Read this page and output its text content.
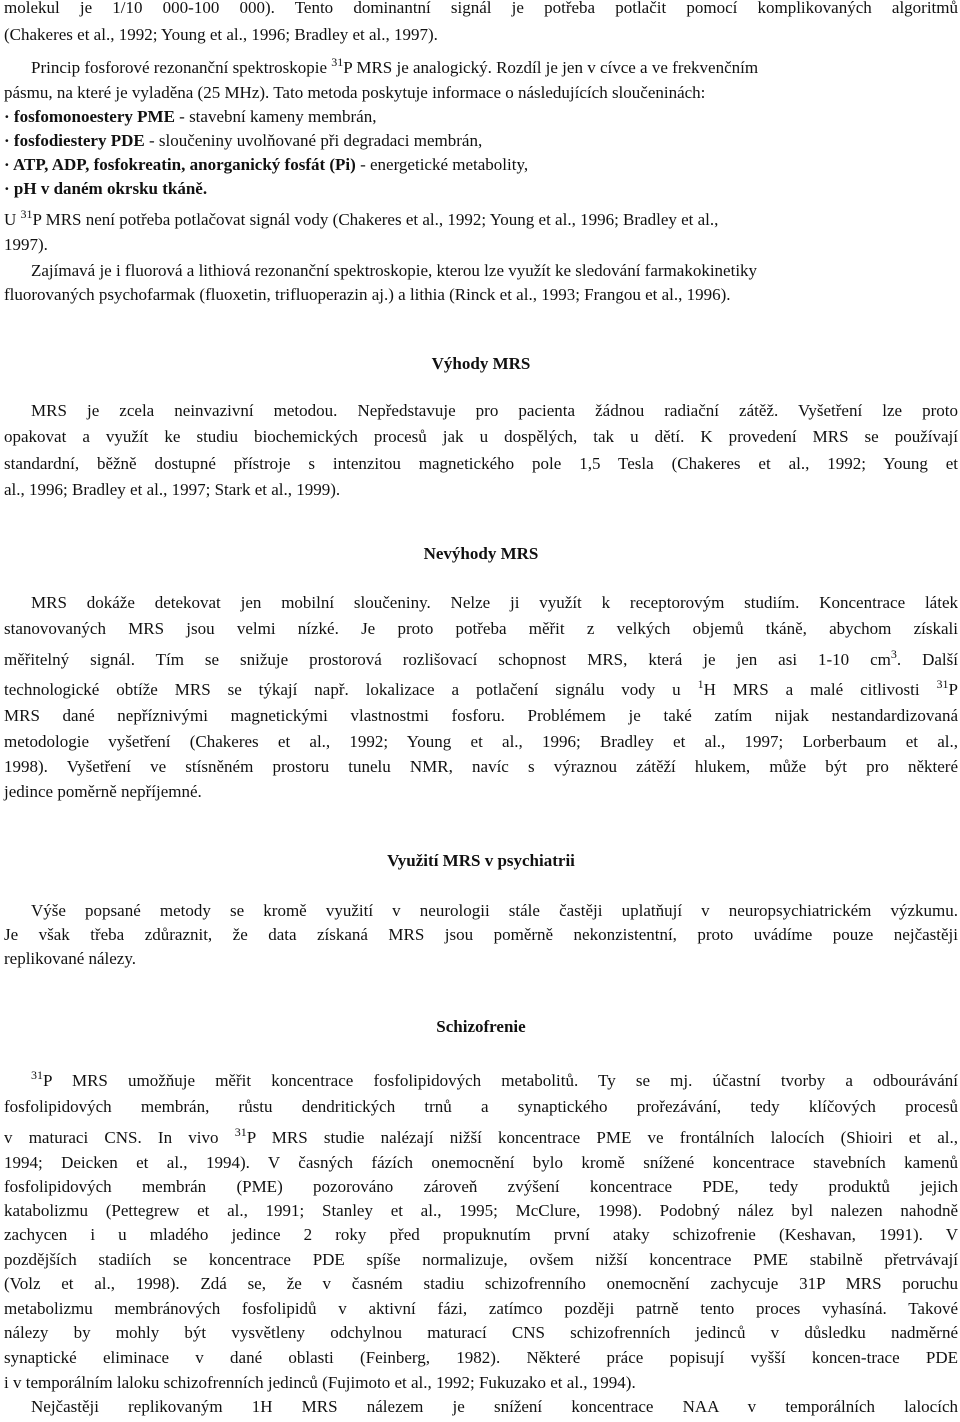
molekul je 1/10 000-100 000). Tento dominantní signál je potřeba potlačit pomocí komplikovaných algoritmů
(Chakeres et al., 1992; Young et al., 1996; Bradley et al., 1997).
Princip fosforové rezonanční spektroskopie $^{31}$P MRS je analogický. Rozdíl je jen v cívce a ve frekvenčním
pásmu, na které je vyladěna (25 MHz). Tato metoda poskytuje informace o následujících sloučeninách:
· fosfomonoestery PME - stavební kameny membrán,
· fosfodiestery PDE - sloučeniny uvolňované při degradaci membrán,
· ATP, ADP, fosfokreatin, anorganický fosfát (Pi) - energetické metabolity,
· pH v daném okrsku tkáně.
U $^{31}$P MRS není potřeba potlačovat signál vody (Chakeres et al., 1992; Young et al., 1996; Bradley et al.,
1997).
Zajímavá je i fluorová a lithiová rezonanční spektroskopie, kterou lze využít ke sledování farmakokinetiky
fluorovaných psychofarmak (fluoxetin, trifluoperazin aj.) a lithia (Rinck et al., 1993; Frangou et al., 1996).
Výhody MRS
MRS je zcela neinvazivní metodou. Nepředstavuje pro pacienta žádnou radiační zátěž. Vyšetření lze proto
opakovat a využít ke studiu biochemických procesů jak u dospělých, tak u dětí. K provedení MRS se používají
standardní, běžně dostupné přístroje s intenzitou magnetického pole 1,5 Tesla (Chakeres et al., 1992; Young et
al., 1996; Bradley et al., 1997; Stark et al., 1999).
Nevýhody MRS
MRS dokáže detekovat jen mobilní sloučeniny. Nelze ji využít k receptorovým studiím. Koncentrace látek
stanovovaných MRS jsou velmi nízké. Je proto potřeba měřit z velkých objemů tkáně, abychom získali
měřitelný signál. Tím se snižuje prostorová rozlišovací schopnost MRS, která je jen asi 1-10 $cm^3$. Další
technologické obtíže MRS se týkají např. lokalizace a potlačení signálu vody u $^1$H MRS a malé citlivosti $^{31}$P
MRS dané nepříznivými magnetickými vlastnostmi fosforu. Problémem je také zatím nijak nestandardizovaná
metodologie vyšetření (Chakeres et al., 1992; Young et al., 1996; Bradley et al., 1997; Lorberbaum et al.,
1998). Vyšetření ve stísněném prostoru tunelu NMR, navíc s výraznou zátěží hlukem, může být pro některé
jedince poměrně nepříjemné.
Využití MRS v psychiatrii
Výše popsané metody se kromě využití v neurologii stále častěji uplatňují v neuropsychiatrickém výzkumu.
Je však třeba zdůraznit, že data získaná MRS jsou poměrně nekonzistentní, proto uvádíme pouze nejčastěji
replikované nálezy.
Schizofrenie
$^{31}$P MRS umožňuje měřit koncentrace fosfolipidových metabolitů. Ty se mj. účastní tvorby a odbourávání
fosfolipidových membrán, růstu dendritických trnů a synaptického prořezávání, tedy klíčových procesů
v maturaci CNS. In vivo $^{31}$P MRS studie nalézají nižší koncentrace PME ve frontálních lalocích (Shioiri et al.,
1994; Deicken et al., 1994). V časných fázích onemocnění bylo kromě snížené koncentrace stavebních kamenů
fosfolipidových membrán (PME) pozorováno zároveň zvýšení koncentrace PDE, tedy produktů jejich
katabolizmu (Pettegrew et al., 1991; Stanley et al., 1995; McClure, 1998). Podobný nález byl nalezen nahodně
zachycen i u mladého jedince 2 roky před propuknutím první ataky schizofrenie (Keshavan, 1991). V
pozdějších stadiích se koncentrace PDE spíše normalizuje, ovšem nižší koncentrace PME stabilně přetrvávají
(Volz et al., 1998). Zdá se, že v časném stadiu schizofrenního onemocnění zachycuje 31P MRS poruchu
metabolizmu membránových fosfolipidů v aktivní fázi, zatímco později patrně tento proces vyhasíná. Takové
nálezy by mohly být vysvětleny odchylnou maturací CNS schizofrenních jedinců v důsledku nadměrné
synaptické eliminace v dané oblasti (Feinberg, 1982). Některé práce popisují vyšší koncen-trace PDE
i v temporálním laloku schizofrenních jedinců (Fujimoto et al., 1992; Fukuzako et al., 1994).
Nejčastěji replikovaným 1H MRS nálezem je snížení koncentrace NAA v temporálních lalocích
